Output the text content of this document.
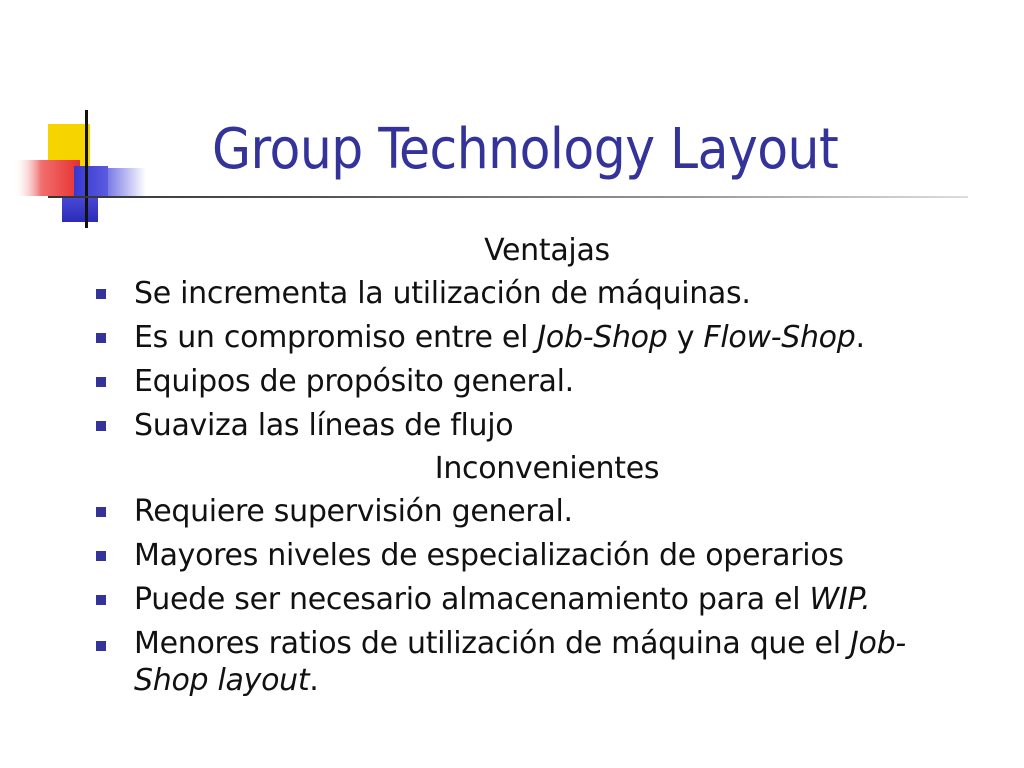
Group Technology Layout
Ventajas
Se incrementa la utilización de máquinas.
Es un compromiso entre el Job-Shop y Flow-Shop.
Equipos de propósito general.
Suaviza las líneas de flujo
Inconvenientes
Requiere supervisión general.
Mayores niveles de especialización de operarios
Puede ser necesario almacenamiento para el WIP.
Menores ratios de utilización de máquina que el Job-Shop layout.
